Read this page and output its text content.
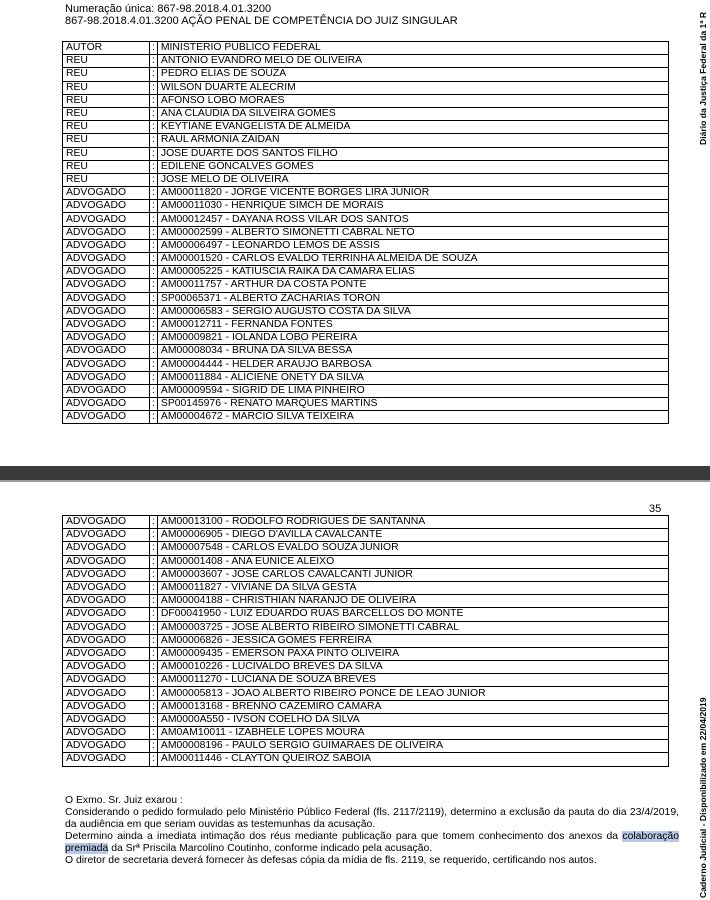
Numeração única: 867-98.2018.4.01.3200
867-98.2018.4.01.3200 AÇÃO PENAL DE COMPETÊNCIA DO JUIZ SINGULAR
AUTOR	:	MINISTERIO PUBLICO FEDERAL
REU	:	ANTONIO EVANDRO MELO DE OLIVEIRA
REU	:	PEDRO ELIAS DE SOUZA
REU	:	WILSON DUARTE ALECRIM
REU	:	AFONSO LOBO MORAES
REU	:	ANA CLAUDIA DA SILVEIRA GOMES
REU	:	KEYTIANE EVANGELISTA DE ALMEIDA
REU	:	RAUL ARMONIA ZAIDAN
REU	:	JOSE DUARTE DOS SANTOS FILHO
REU	:	EDILENE GONCALVES GOMES
REU	:	JOSE MELO DE OLIVEIRA
ADVOGADO	:	AM00011820 - JORGE VICENTE BORGES LIRA JUNIOR
ADVOGADO	:	AM00011030 - HENRIQUE SIMCH DE MORAIS
ADVOGADO	:	AM00012457 - DAYANA ROSS VILAR DOS SANTOS
ADVOGADO	:	AM00002599 - ALBERTO SIMONETTI CABRAL NETO
ADVOGADO	:	AM00006497 - LEONARDO LEMOS DE ASSIS
ADVOGADO	:	AM00001520 - CARLOS EVALDO TERRINHA ALMEIDA DE SOUZA
ADVOGADO	:	AM00005225 - KATIUSCIA RAIKA DA CAMARA ELIAS
ADVOGADO	:	AM00011757 - ARTHUR DA COSTA PONTE
ADVOGADO	:	SP00065371 - ALBERTO ZACHARIAS TORON
ADVOGADO	:	AM00006583 - SERGIO AUGUSTO COSTA DA SILVA
ADVOGADO	:	AM00012711 - FERNANDA FONTES
ADVOGADO	:	AM00009821 - IOLANDA LOBO PEREIRA
ADVOGADO	:	AM00008034 - BRUNA DA SILVA BESSA
ADVOGADO	:	AM00004444 - HELDER ARAUJO BARBOSA
ADVOGADO	:	AM00011884 - ALICIENE ONETY DA SILVA
ADVOGADO	:	AM00009594 - SIGRID DE LIMA PINHEIRO
ADVOGADO	:	SP00145976 - RENATO MARQUES MARTINS
ADVOGADO	:	AM00004672 - MARCIO SILVA TEIXEIRA
35
ADVOGADO	:	AM00013100 - RODOLFO RODRIGUES DE SANTANNA
ADVOGADO	:	AM00006905 - DIEGO D'AVILLA CAVALCANTE
ADVOGADO	:	AM00007548 - CARLOS EVALDO SOUZA JUNIOR
ADVOGADO	:	AM00001408 - ANA EUNICE ALEIXO
ADVOGADO	:	AM00003607 - JOSE CARLOS CAVALCANTI JUNIOR
ADVOGADO	:	AM00011827 - VIVIANE DA SILVA GESTA
ADVOGADO	:	AM00004188 - CHRISTHIAN NARANJO DE OLIVEIRA
ADVOGADO	:	DF00041950 - LUIZ EDUARDO RUAS BARCELLOS DO MONTE
ADVOGADO	:	AM00003725 - JOSE ALBERTO RIBEIRO SIMONETTI CABRAL
ADVOGADO	:	AM00006826 - JESSICA GOMES FERREIRA
ADVOGADO	:	AM00009435 - EMERSON PAXA PINTO OLIVEIRA
ADVOGADO	:	AM00010226 - LUCIVALDO BREVES DA SILVA
ADVOGADO	:	AM00011270 - LUCIANA DE SOUZA BREVES
ADVOGADO	:	AM00005813 - JOAO ALBERTO RIBEIRO PONCE DE LEAO JUNIOR
ADVOGADO	:	AM00013168 - BRENNO CAZEMIRO CAMARA
ADVOGADO	:	AM0000A550 - IVSON COELHO DA SILVA
ADVOGADO	:	AM0AM10011 - IZABHELE LOPES MOURA
ADVOGADO	:	AM00008196 - PAULO SERGIO GUIMARAES DE OLIVEIRA
ADVOGADO	:	AM00011446 - CLAYTON QUEIROZ SABOIA

O Exmo. Sr. Juiz exarou :

Considerando o pedido formulado pelo Ministério Público Federal (fls. 2117/2119), determino a exclusão da pauta do dia 23/4/2019, da audiência em que seriam ouvidas as testemunhas da acusação.

Determino ainda a imediata intimação dos réus mediante publicação para que tomem conhecimento dos anexos da colaboração premiada da Srª Priscila Marcolino Coutinho, conforme indicado pela acusação.

O diretor de secretaria deverá fornecer às defesas cópia da mídia de fls. 2119, se requerido, certificando nos autos.

Diário da Justiça Federal da 1ª R
Caderno Judicial - Disponibilizado em 22/04/2019
